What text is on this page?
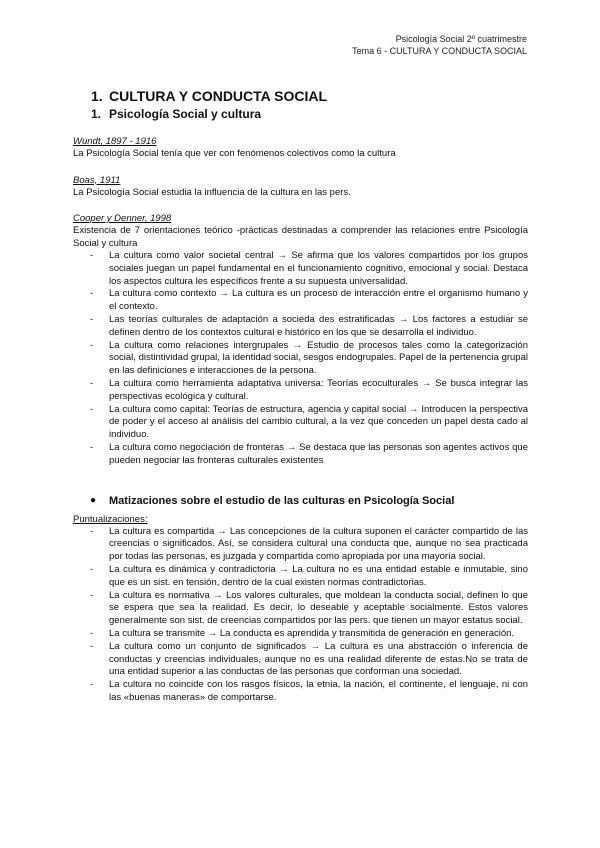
Psicología Social 2º cuatrimestre
Tema 6 - CULTURA Y CONDUCTA SOCIAL
1. CULTURA Y CONDUCTA SOCIAL
1. Psicología Social y cultura
Wundt, 1897 - 1916
La Psicología Social tenía que ver con fenómenos colectivos como la cultura
Boas, 1911
La Psicología Social estudia la influencia de la cultura en las pers.
Cooper y Denner, 1998
Existencia de 7 orientaciones teórico -prácticas destinadas a comprender las relaciones entre Psicología Social y cultura
- La cultura como valor societal central → Se afirma que los valores compartidos por los grupos sociales juegan un papel fundamental en el funcionamiento cognitivo, emocional y social. Destaca los aspectos cultura les específicos frente a su supuesta universalidad.
- La cultura como contexto → La cultura es un proceso de interacción entre el organismo humano y el contexto.
- Las teorías culturales de adaptación a socieda des estratificadas → Los factores a estudiar se definen dentro de los contextos cultural e histórico en los que se desarrolla el individuo.
- La cultura como relaciones intergrupales → Estudio de procesos tales como la categorización social, distintividad grupal, la identidad social, sesgos endogrupales. Papel de la pertenencia grupal en las definiciones e interacciones de la persona.
- La cultura como herramienta adaptativa universa: Teorías ecoculturales → Se busca integrar las perspectivas ecológica y cultural.
- La cultura como capital: Teorías de estructura, agencia y capital social → Introducen la perspectiva de poder y el acceso al análisis del cambio cultural, a la vez que conceden un papel desta cado al individuo.
- La cultura como negociación de fronteras → Se destaca que las personas son agentes activos que pueden negociar las fronteras culturales existentes
● Matizaciones sobre el estudio de las culturas en Psicología Social
Puntualizaciones:
- La cultura es compartida → Las concepciones de la cultura suponen el carácter compartido de las creencias o significados. Así, se considera cultural una conducta que, aunque no sea practicada por todas las personas, es juzgada y compartida como apropiada por una mayoría social.
- La cultura es dinámica y contradictoria → La cultura no es una entidad estable e inmutable, sino que es un sist. en tensión, dentro de la cual existen normas contradictorias.
- La cultura es normativa → Los valores culturales, que moldean la conducta social, definen lo que se espera que sea la realidad. Es decir, lo deseable y aceptable socialmente. Estos valores generalmente son sist. de creencias compartidos por las pers. que tienen un mayor estatus social.
- La cultura se transmite → La conducta es aprendida y transmitida de generación en generación.
- La cultura como un conjunto de significados → La cultura es una abstracción o inferencia de conductas y creencias individuales, aunque no es una realidad diferente de estas.No se trata de una entidad superior a las conductas de las personas que conforman una sociedad.
- La cultura no coincide con los rasgos físicos, la etnia, la nación, el continente, el lenguaje, ni con las «buenas maneras» de comportarse.
